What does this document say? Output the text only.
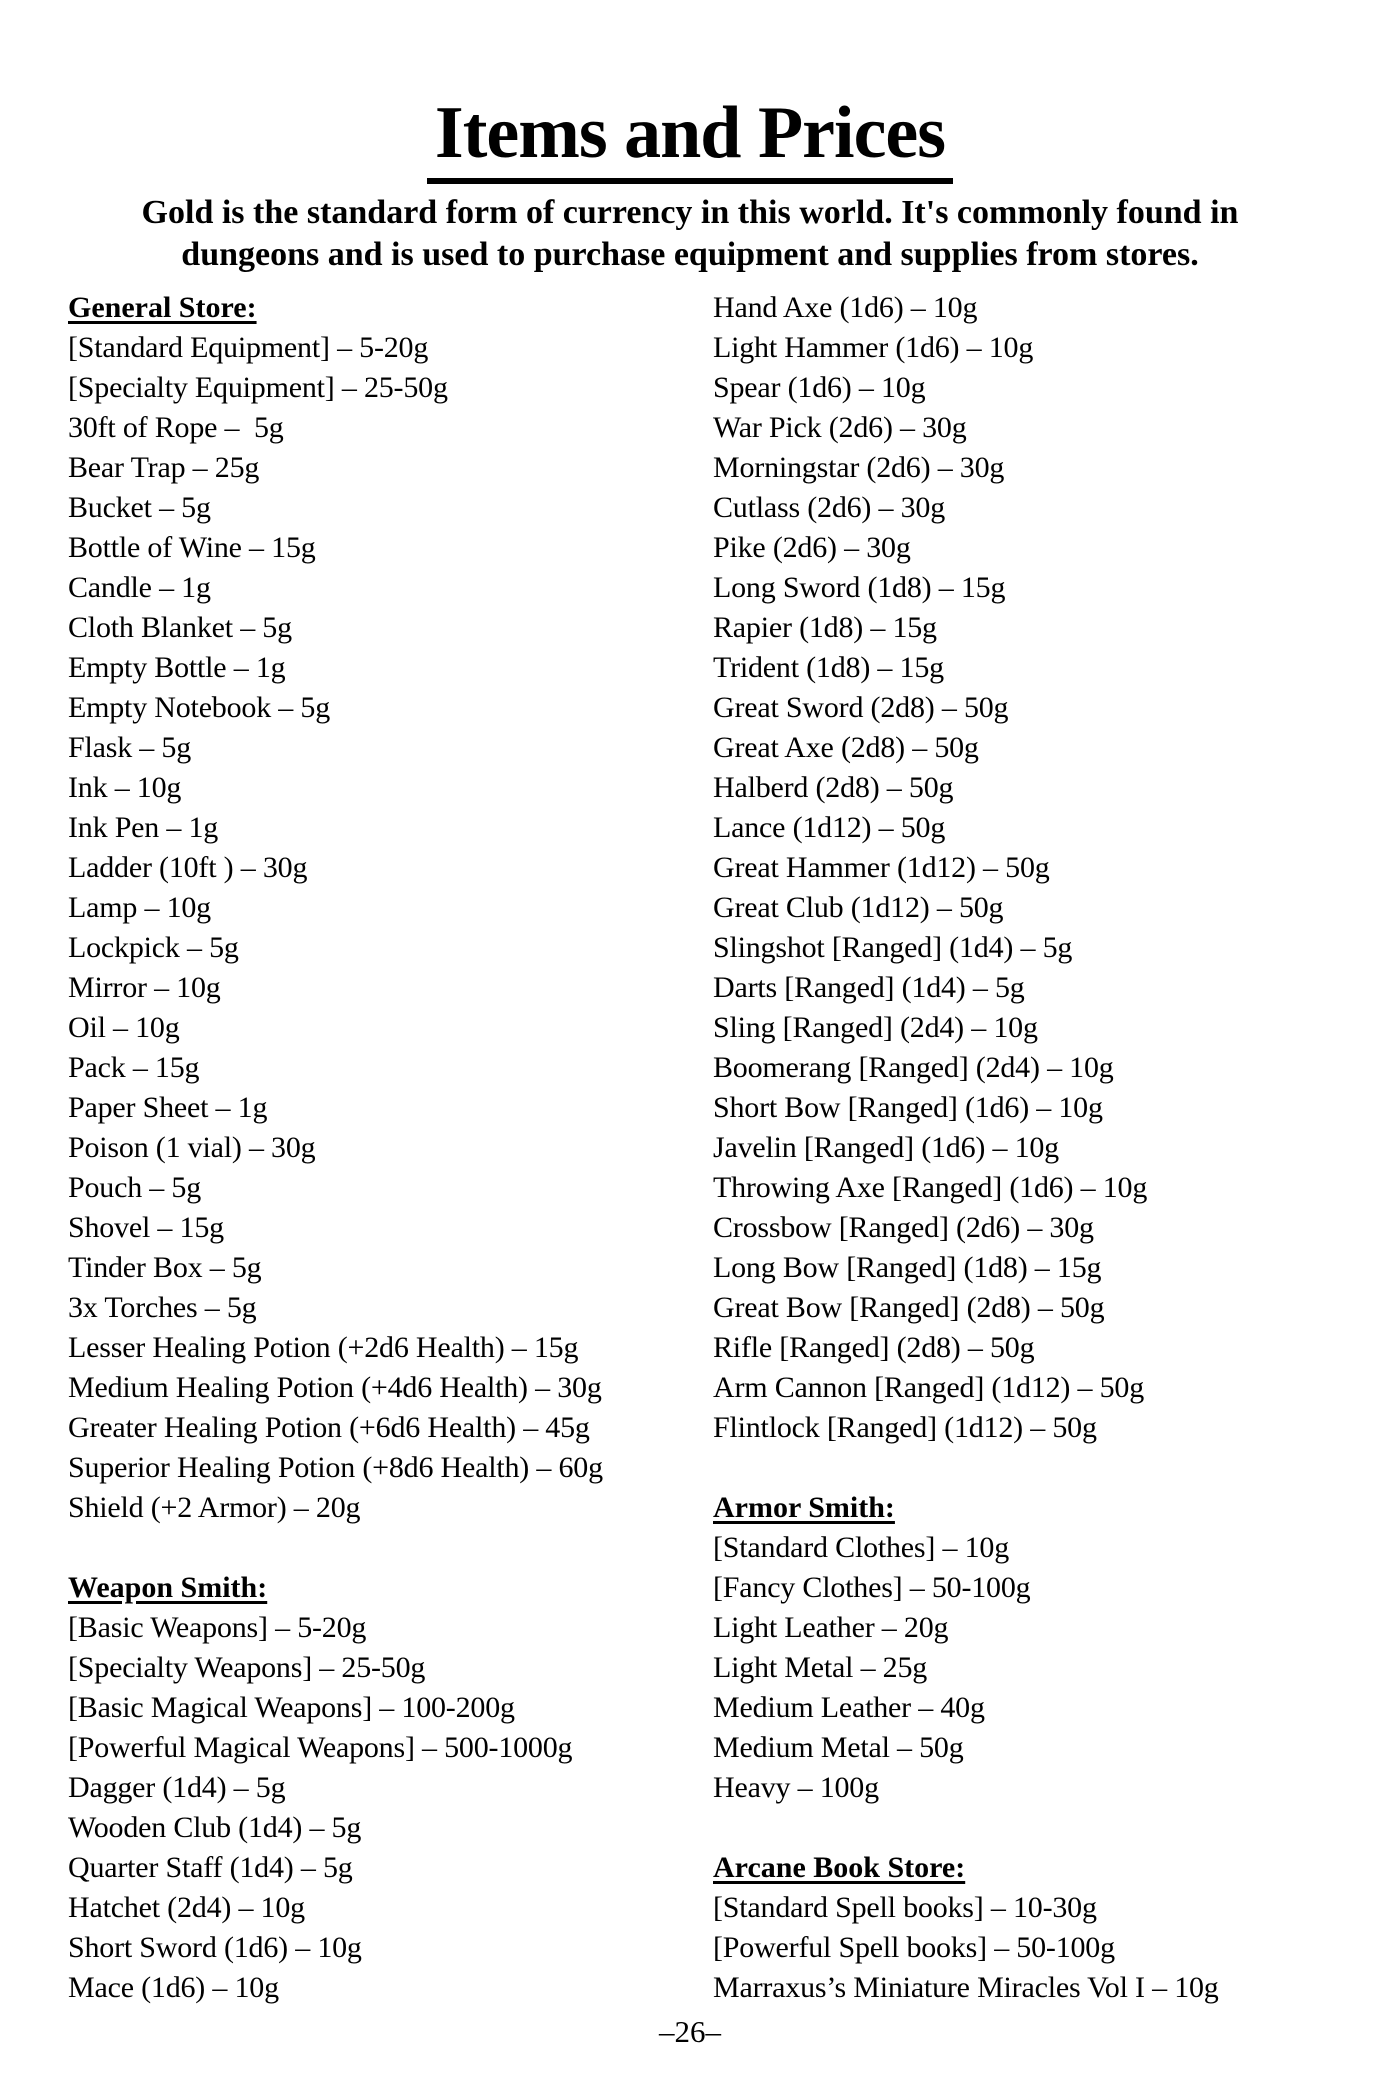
Items and Prices
Gold is the standard form of currency in this world. It's commonly found in
dungeons and is used to purchase equipment and supplies from stores.
General Store:
[Standard Equipment] – 5-20g
[Specialty Equipment] – 25-50g
30ft of Rope –  5g
Bear Trap – 25g
Bucket – 5g
Bottle of Wine – 15g
Candle – 1g
Cloth Blanket – 5g
Empty Bottle – 1g
Empty Notebook – 5g
Flask – 5g
Ink – 10g
Ink Pen – 1g
Ladder (10ft ) – 30g
Lamp – 10g
Lockpick – 5g
Mirror – 10g
Oil – 10g
Pack – 15g
Paper Sheet – 1g
Poison (1 vial) – 30g
Pouch – 5g
Shovel – 15g
Tinder Box – 5g
3x Torches – 5g
Lesser Healing Potion (+2d6 Health) – 15g
Medium Healing Potion (+4d6 Health) – 30g
Greater Healing Potion (+6d6 Health) – 45g
Superior Healing Potion (+8d6 Health) – 60g
Shield (+2 Armor) – 20g
Weapon Smith:
[Basic Weapons] – 5-20g
[Specialty Weapons] – 25-50g
[Basic Magical Weapons] – 100-200g
[Powerful Magical Weapons] – 500-1000g
Dagger (1d4) – 5g
Wooden Club (1d4) – 5g
Quarter Staff (1d4) – 5g
Hatchet (2d4) – 10g
Short Sword (1d6) – 10g
Mace (1d6) – 10g
Hand Axe (1d6) – 10g
Light Hammer (1d6) – 10g
Spear (1d6) – 10g
War Pick (2d6) – 30g
Morningstar (2d6) – 30g
Cutlass (2d6) – 30g
Pike (2d6) – 30g
Long Sword (1d8) – 15g
Rapier (1d8) – 15g
Trident (1d8) – 15g
Great Sword (2d8) – 50g
Great Axe (2d8) – 50g
Halberd (2d8) – 50g
Lance (1d12) – 50g
Great Hammer (1d12) – 50g
Great Club (1d12) – 50g
Slingshot [Ranged] (1d4) – 5g
Darts [Ranged] (1d4) – 5g
Sling [Ranged] (2d4) – 10g
Boomerang [Ranged] (2d4) – 10g
Short Bow [Ranged] (1d6) – 10g
Javelin [Ranged] (1d6) – 10g
Throwing Axe [Ranged] (1d6) – 10g
Crossbow [Ranged] (2d6) – 30g
Long Bow [Ranged] (1d8) – 15g
Great Bow [Ranged] (2d8) – 50g
Rifle [Ranged] (2d8) – 50g
Arm Cannon [Ranged] (1d12) – 50g
Flintlock [Ranged] (1d12) – 50g
Armor Smith:
[Standard Clothes] – 10g
[Fancy Clothes] – 50-100g
Light Leather – 20g
Light Metal – 25g
Medium Leather – 40g
Medium Metal – 50g
Heavy – 100g
Arcane Book Store:
[Standard Spell books] – 10-30g
[Powerful Spell books] – 50-100g
Marraxus’s Miniature Miracles Vol I – 10g
–26–
